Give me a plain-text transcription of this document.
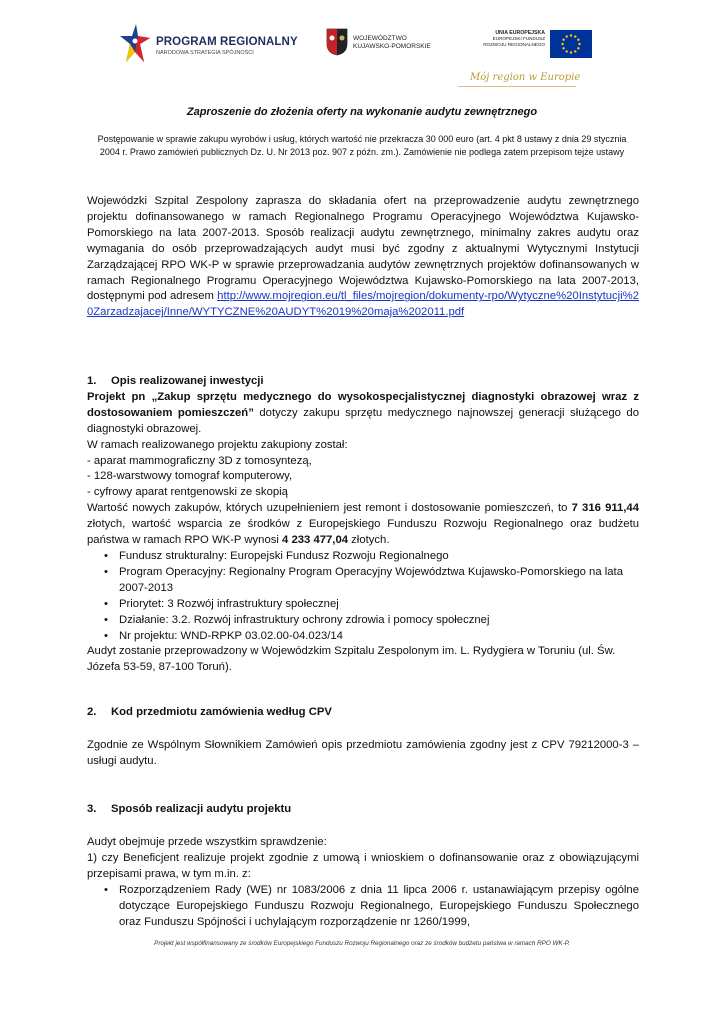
PROGRAM REGIONALNY
NARODOWA STRATEGIA SPÓJNOŚCI
WOJEWÓDZTWO
KUJAWSKO-POMORSKIE
UNIA EUROPEJSKA
EUROPEJSKI FUNDUSZ
ROZWOJU REGIONALNEGO
Mój region w Europie
Zaproszenie do złożenia oferty na wykonanie audytu zewnętrznego
Postępowanie w sprawie zakupu wyrobów i usług, których wartość nie przekracza 30 000 euro (art. 4 pkt 8 ustawy z dnia 29 stycznia 2004 r. Prawo zamówień publicznych Dz. U. Nr 2013 poz. 907 z późn. zm.). Zamówienie nie podlega zatem przepisom tejże ustawy
Wojewódzki Szpital Zespolony zaprasza do składania ofert na przeprowadzenie audytu zewnętrznego projektu dofinansowanego w ramach Regionalnego Programu Operacyjnego Województwa Kujawsko-Pomorskiego na lata 2007-2013. Sposób realizacji audytu zewnętrznego, minimalny zakres audytu oraz wymagania do osób przeprowadzających audyt musi być zgodny z aktualnymi Wytycznymi Instytucji Zarządzającej RPO WK-P w sprawie przeprowadzania audytów zewnętrznych projektów dofinansowanych w ramach Regionalnego Programu Operacyjnego Województwa Kujawsko-Pomorskiego na lata 2007-2013, dostępnymi pod adresem http://www.mojregion.eu/tl_files/mojregion/dokumenty-rpo/Wytyczne%20Instytucji%20Zarzadzajacej/Inne/WYTYCZNE%20AUDYT%2019%20maja%202011.pdf
1. Opis realizowanej inwestycji
Projekt pn „Zakup sprzętu medycznego do wysokospecjalistycznej diagnostyki obrazowej wraz z dostosowaniem pomieszczeń” dotyczy zakupu sprzętu medycznego najnowszej generacji służącego do diagnostyki obrazowej.
W ramach realizowanego projektu zakupiony został:
- aparat mammograficzny 3D z tomosyntezą,
- 128-warstwowy tomograf komputerowy,
- cyfrowy aparat rentgenowski ze skopią
Wartość nowych zakupów, których uzupełnieniem jest remont i dostosowanie pomieszczeń, to 7 316 911,44 złotych, wartość wsparcia ze środków z Europejskiego Funduszu Rozwoju Regionalnego oraz budżetu państwa w ramach RPO WK-P wynosi 4 233 477,04 złotych.
• Fundusz strukturalny: Europejski Fundusz Rozwoju Regionalnego
• Program Operacyjny: Regionalny Program Operacyjny Województwa Kujawsko-Pomorskiego na lata 2007-2013
• Priorytet: 3 Rozwój infrastruktury społecznej
• Działanie: 3.2. Rozwój infrastruktury ochrony zdrowia i pomocy społecznej
• Nr projektu: WND-RPKP 03.02.00-04.023/14
Audyt zostanie przeprowadzony w Wojewódzkim Szpitalu Zespolonym im. L. Rydygiera w Toruniu (ul. Św. Józefa 53-59, 87-100 Toruń).
2. Kod przedmiotu zamówienia według CPV
Zgodnie ze Wspólnym Słownikiem Zamówień opis przedmiotu zamówienia zgodny jest z CPV 79212000-3 – usługi audytu.
3. Sposób realizacji audytu projektu
Audyt obejmuje przede wszystkim sprawdzenie:
1) czy Beneficjent realizuje projekt zgodnie z umową i wnioskiem o dofinansowanie oraz z obowiązującymi przepisami prawa, w tym m.in. z:
• Rozporządzeniem Rady (WE) nr 1083/2006 z dnia 11 lipca 2006 r. ustanawiającym przepisy ogólne dotyczące Europejskiego Funduszu Rozwoju Regionalnego, Europejskiego Funduszu Społecznego oraz Funduszu Spójności i uchylającym rozporządzenie nr 1260/1999,
Projekt jest współfinansowany ze środków Europejskiego Funduszu Rozwoju Regionalnego oraz ze środków budżetu państwa w ramach RPO WK-P.
